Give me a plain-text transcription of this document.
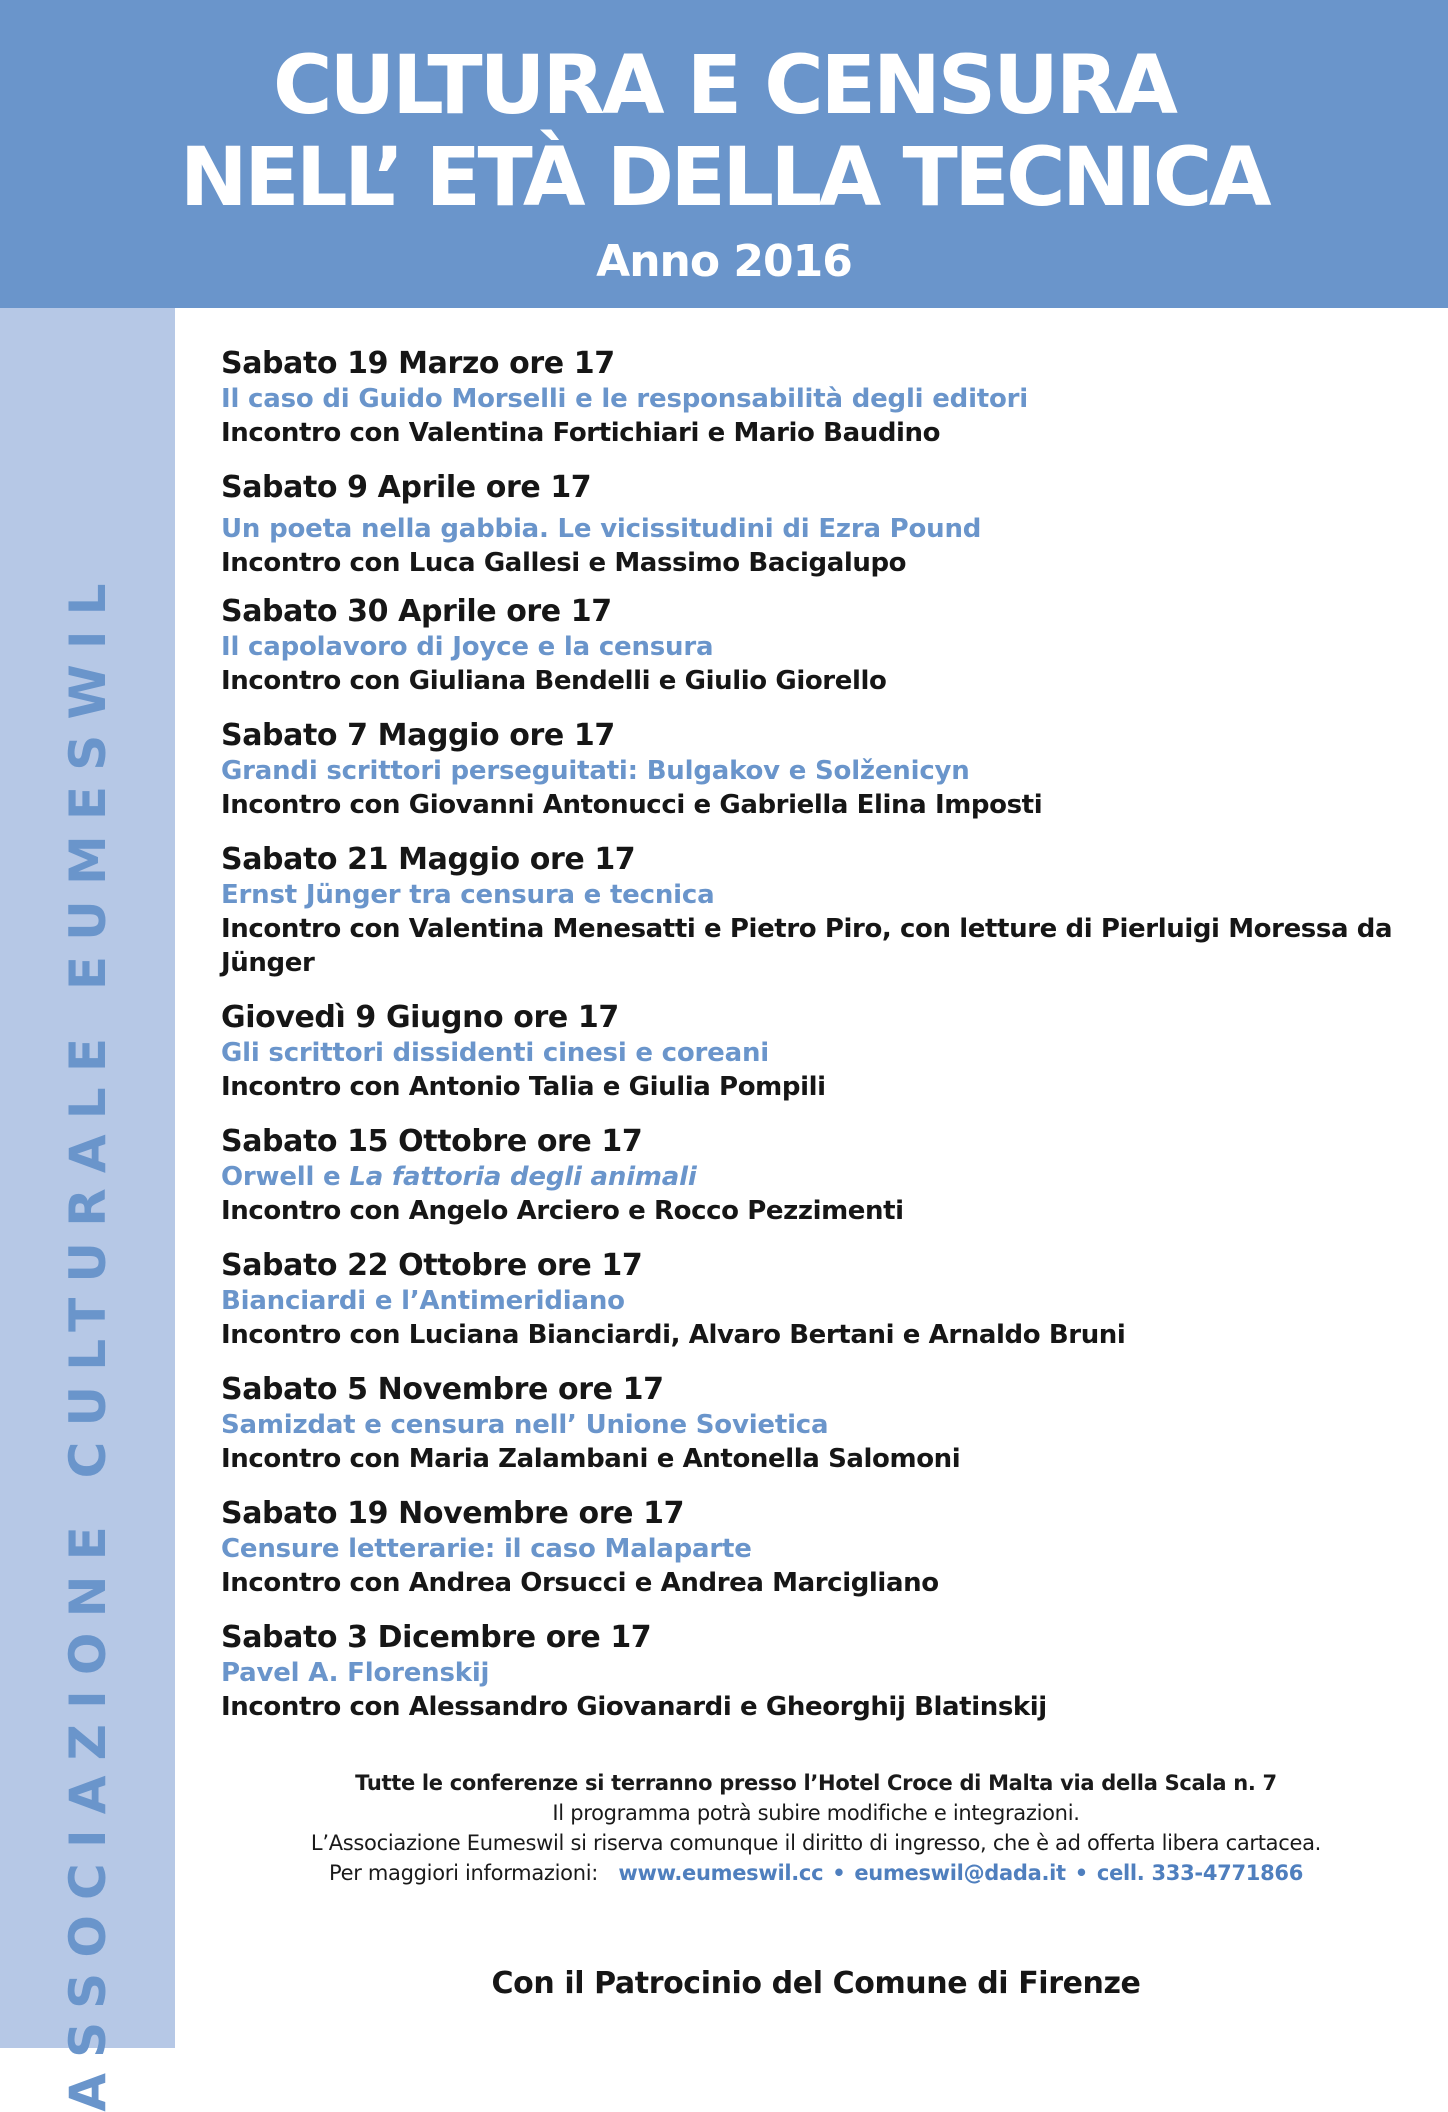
CULTURA E CENSURA
NELL’ ETÀ DELLA TECNICA
Anno 2016
ASSOCIAZIONE CULTURALE EUMESWIL
Sabato 19 Marzo ore 17
Il caso di Guido Morselli e le responsabilità degli editori
Incontro con Valentina Fortichiari e Mario Baudino
Sabato 9 Aprile ore 17
Un poeta nella gabbia. Le vicissitudini di Ezra Pound
Incontro con Luca Gallesi e Massimo Bacigalupo
Sabato 30 Aprile ore 17
Il capolavoro di Joyce e la censura
Incontro con Giuliana Bendelli e Giulio Giorello
Sabato 7 Maggio ore 17
Grandi scrittori perseguitati: Bulgakov e Solženicyn
Incontro con Giovanni Antonucci e Gabriella Elina Imposti
Sabato 21 Maggio ore 17
Ernst Jünger tra censura e tecnica
Incontro con Valentina Menesatti e Pietro Piro, con letture di Pierluigi Moressa da Jünger
Giovedì 9 Giugno ore 17
Gli scrittori dissidenti cinesi e coreani
Incontro con Antonio Talia e Giulia Pompili
Sabato 15 Ottobre ore 17
Orwell e La fattoria degli animali
Incontro con Angelo Arciero e Rocco Pezzimenti
Sabato 22 Ottobre ore 17
Bianciardi e l’Antimeridiano
Incontro con Luciana Bianciardi, Alvaro Bertani e Arnaldo Bruni
Sabato 5 Novembre ore 17
Samizdat e censura nell’ Unione Sovietica
Incontro con Maria Zalambani e Antonella Salomoni
Sabato 19 Novembre ore 17
Censure letterarie: il caso Malaparte
Incontro con Andrea Orsucci e Andrea Marcigliano
Sabato 3 Dicembre ore 17
Pavel A. Florenskij
Incontro con Alessandro Giovanardi e Gheorghij Blatinskij
Tutte le conferenze si terranno presso l’Hotel Croce di Malta via della Scala n. 7
Il programma potrà subire modifiche e integrazioni.
L’Associazione Eumeswil si riserva comunque il diritto di ingresso, che è ad offerta libera cartacea.
Per maggiori informazioni: www.eumeswil.cc • eumeswil@dada.it • cell. 333-4771866
Con il Patrocinio del Comune di Firenze
